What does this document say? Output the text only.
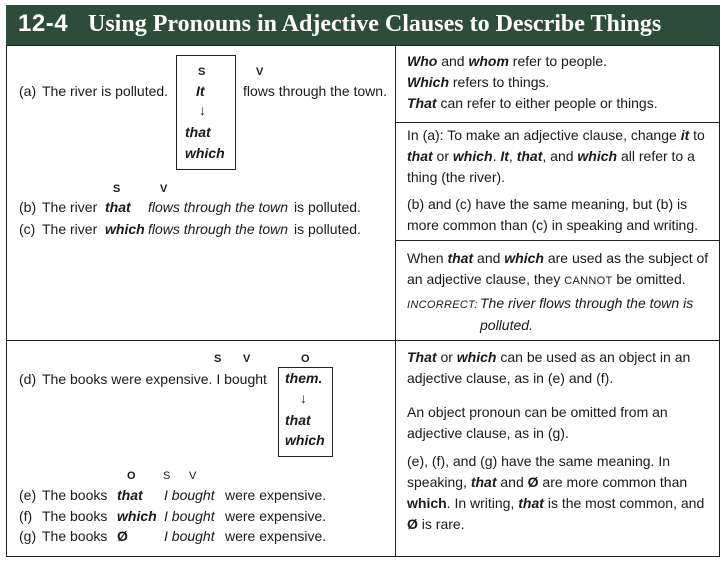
12-4 Using Pronouns in Adjective Clauses to Describe Things
S	V
(a) The river is polluted. It	flows through the town.
↓
that
which
S	V
(b) The river that flows through the town is polluted.
(c) The river which flows through the town is polluted.
Who and whom refer to people.
Which refers to things.
That can refer to either people or things.
In (a): To make an adjective clause, change it to
that or which. It, that, and which all refer to a
thing (the river).
(b) and (c) have the same meaning, but (b) is
more common than (c) in speaking and writing.
When that and which are used as the subject of
an adjective clause, they CANNOT be omitted.
INCORRECT: The river flows through the town is
polluted.
S V	O
(d) The books were expensive. I bought them.
↓
that
which
O S V
(e) The books that I bought were expensive.
(f) The books which I bought were expensive.
(g) The books Ø	I bought were expensive.
That or which can be used as an object in an
adjective clause, as in (e) and (f).
An object pronoun can be omitted from an
adjective clause, as in (g).
(e), (f), and (g) have the same meaning. In
speaking, that and Ø are more common than
which. In writing, that is the most common, and
Ø is rare.
